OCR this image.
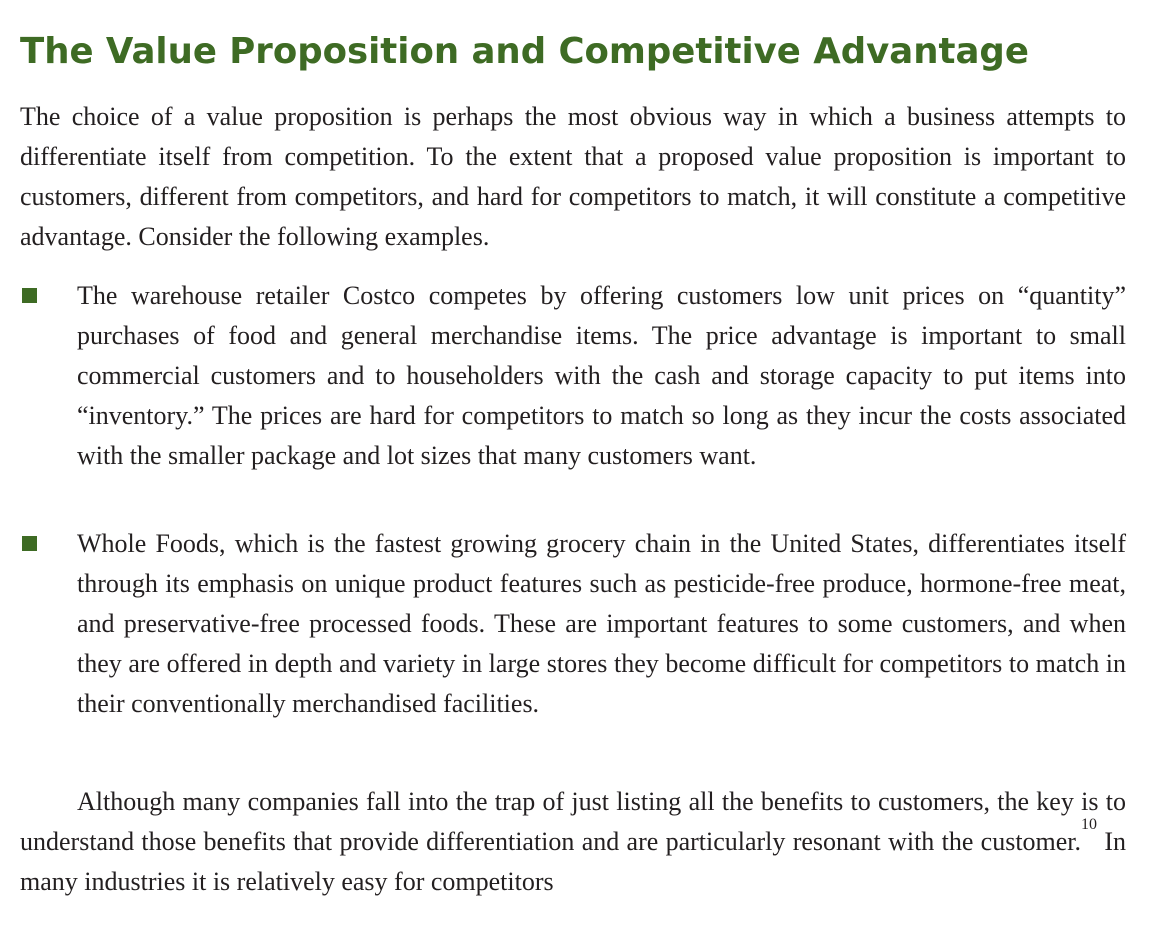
The Value Proposition and Competitive Advantage

The choice of a value proposition is perhaps the most obvious way in which a business attempts to differentiate itself from competition. To the extent that a proposed value proposition is important to customers, different from competitors, and hard for competitors to match, it will constitute a competitive advantage. Consider the following examples.

The warehouse retailer Costco competes by offering customers low unit prices on “quantity” purchases of food and general merchandise items. The price advantage is important to small commercial customers and to householders with the cash and storage capacity to put items into “inventory.” The prices are hard for competitors to match so long as they incur the costs associated with the smaller package and lot sizes that many customers want.

Whole Foods, which is the fastest growing grocery chain in the United States, differentiates itself through its emphasis on unique product features such as pesticide-free produce, hormone-free meat, and preservative-free processed foods. These are important features to some customers, and when they are offered in depth and variety in large stores they become difficult for competitors to match in their conventionally merchandised facilities.

Although many companies fall into the trap of just listing all the benefits to customers, the key is to understand those benefits that provide differentiation and are particularly resonant with the customer.$^{10}$ In many industries it is relatively easy for competitors
